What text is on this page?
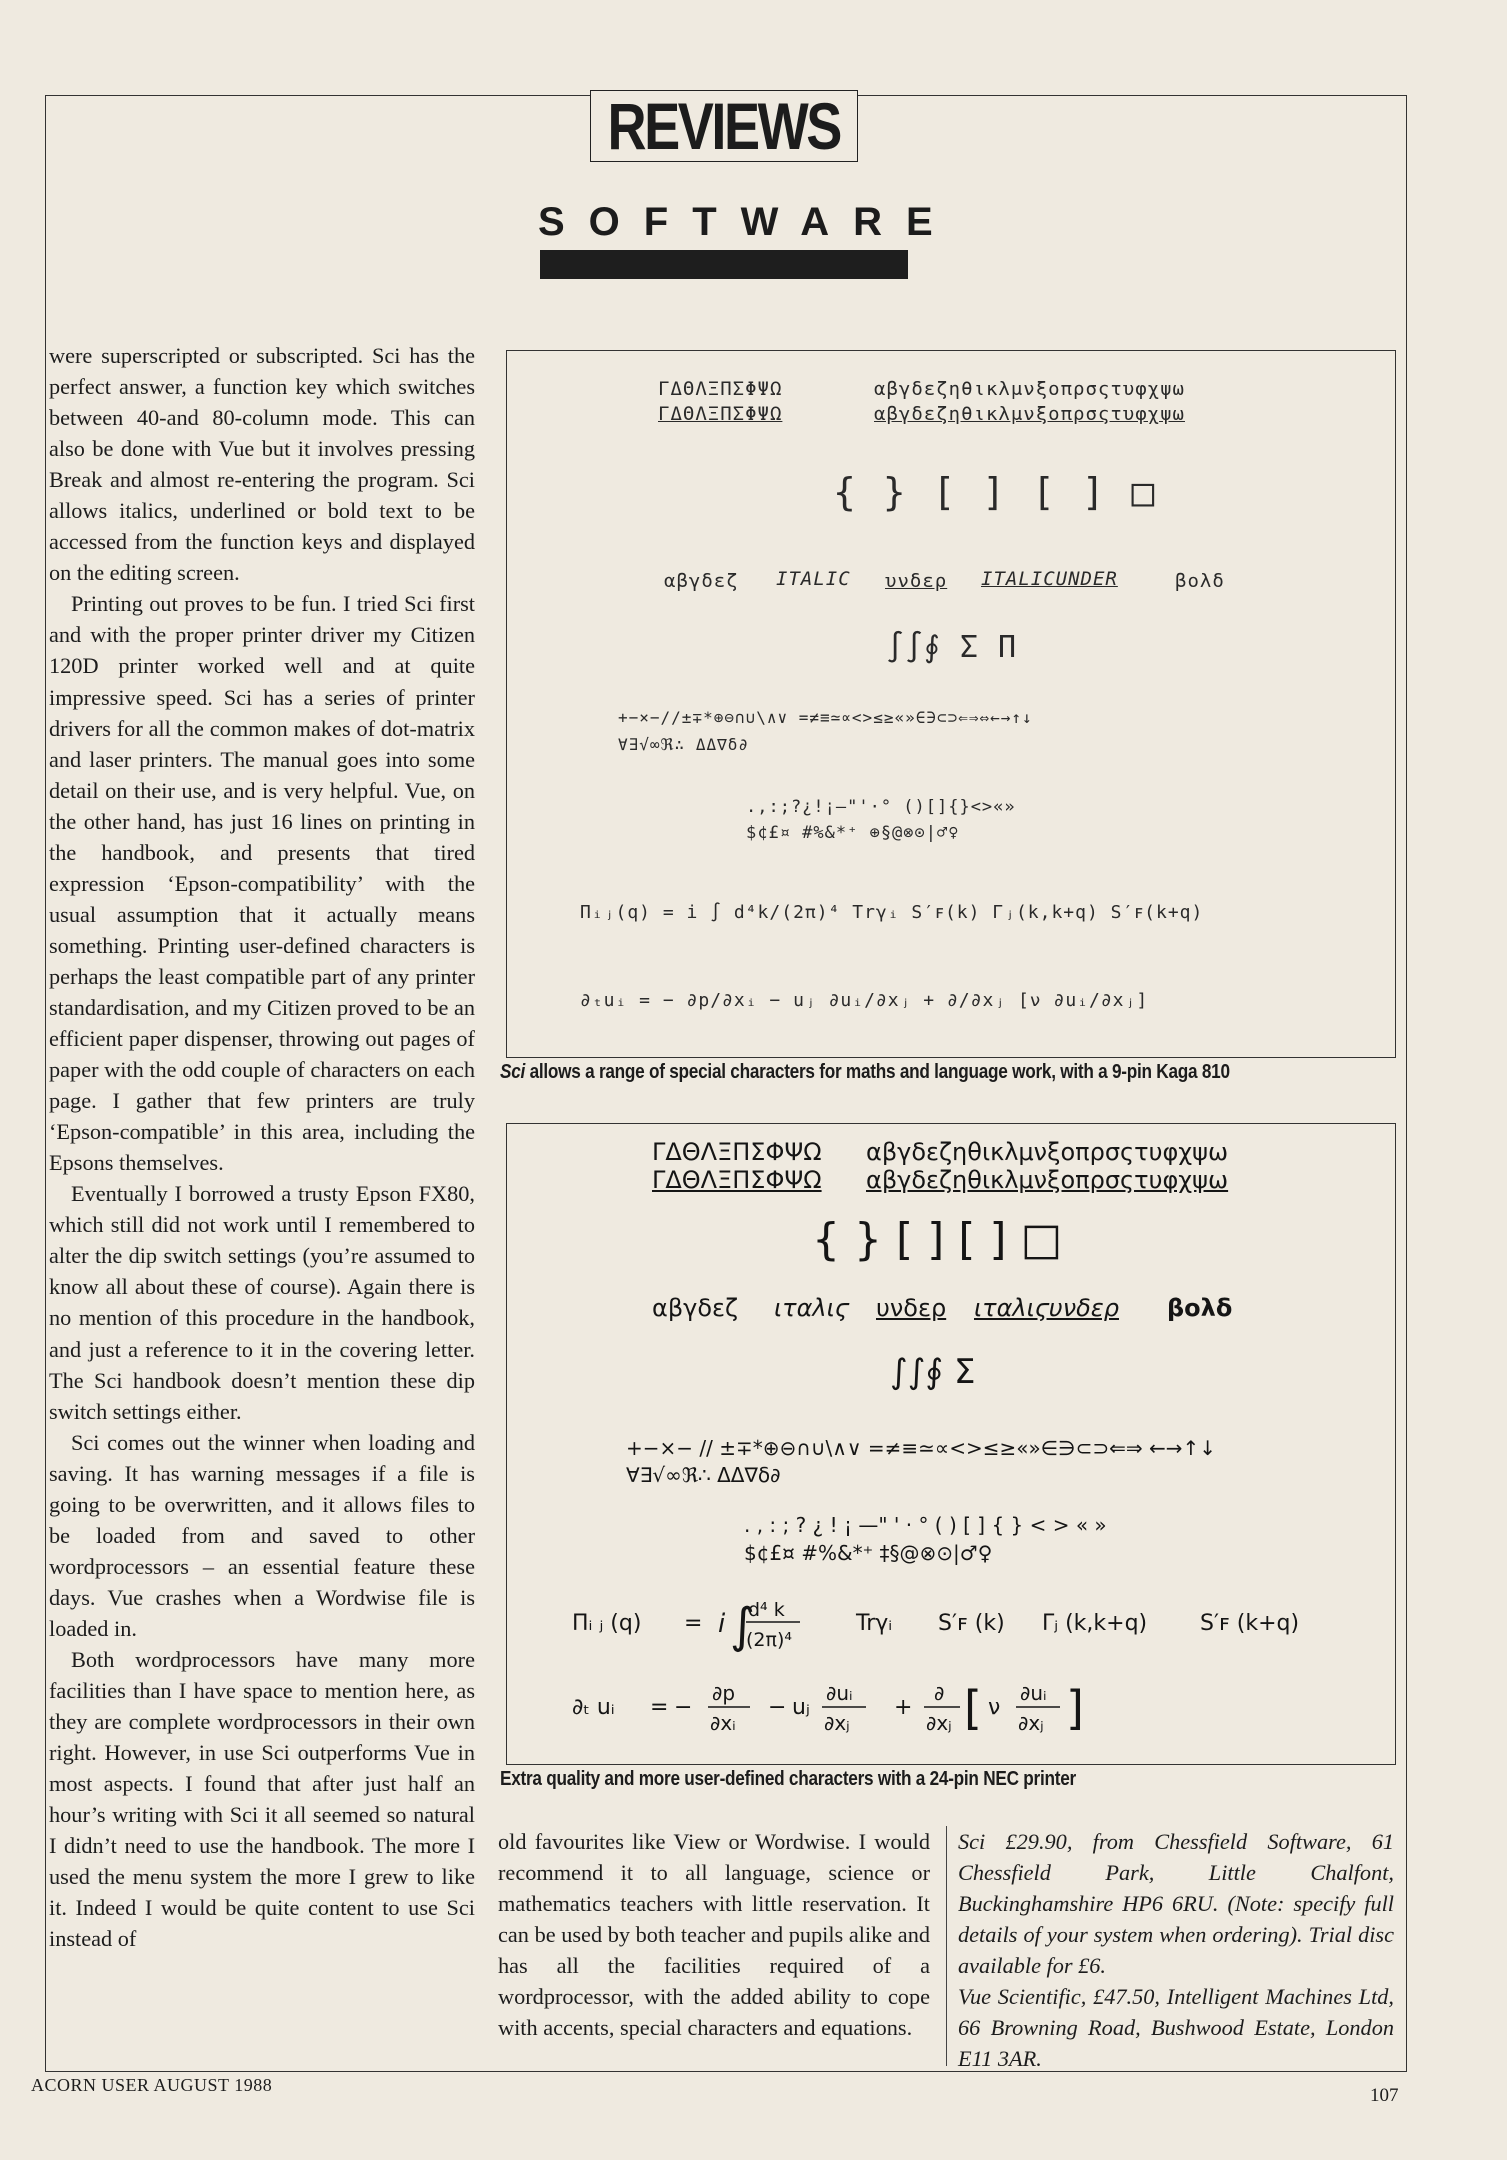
REVIEWS
SOFTWARE

were superscripted or subscripted. Sci has the perfect answer, a function key which switches between 40-and 80-column mode. This can also be done with Vue but it involves pressing Break and almost re-entering the program. Sci allows italics, underlined or bold text to be accessed from the function keys and displayed on the editing screen.

Printing out proves to be fun. I tried Sci first and with the proper printer driver my Citizen 120D printer worked well and at quite impressive speed. Sci has a series of printer drivers for all the common makes of dot-matrix and laser printers. The manual goes into some detail on their use, and is very helpful. Vue, on the other hand, has just 16 lines on printing in the handbook, and presents that tired expression ‘Epson-compatibility’ with the usual assumption that it actually means something. Printing user-defined characters is perhaps the least compatible part of any printer standardisation, and my Citizen proved to be an efficient paper dispenser, throwing out pages of paper with the odd couple of characters on each page. I gather that few printers are truly ‘Epson-compatible’ in this area, including the Epsons themselves.

Eventually I borrowed a trusty Epson FX80, which still did not work until I remembered to alter the dip switch settings (you’re assumed to know all about these of course). Again there is no mention of this procedure in the handbook, and just a reference to it in the covering letter. The Sci handbook doesn’t mention these dip switch settings either.

Sci comes out the winner when loading and saving. It has warning messages if a file is going to be overwritten, and it allows files to be loaded from and saved to other wordprocessors – an essential feature these days. Vue crashes when a Wordwise file is loaded in.

Both wordprocessors have many more facilities than I have space to mention here, as they are complete wordprocessors in their own right. However, in use Sci outperforms Vue in most aspects. I found that after just half an hour’s writing with Sci it all seemed so natural I didn’t need to use the handbook. The more I used the menu system the more I grew to like it. Indeed I would be quite content to use Sci instead of

ΓΔΘΛΞΠΣΦΨΩ	αβγδεζηθικλμνξοπρσςτυφχψω
ΓΔΘΛΞΠΣΦΨΩ	αβγδεζηθικλμνξοπρσςτυφχψω
{ } [ ] [ ] □
αβγδεζ ITALIC υνδερ ITALICUNDER	βολδ
∫∫∮ Σ Π
+−×−//±∓*⊕⊖∩∪\∧∨ =≠≡≃∝<>≤≥«»∈∋⊂⊃⇐⇒⇔←→↑↓
∀∃√∞ℜ∴ ΔΔ∇δ∂
.,:;?¿!¡—"'·° ()[]{}<>«»
$¢£¤ #%&*⁺ ⊕§@⊗⊙|♂♀
Πᵢⱼ(q) = i ∫ d⁴k/(2π)⁴ Trγᵢ S′ꜰ(k) Γⱼ(k,k+q) S′ꜰ(k+q)
∂ₜuᵢ = − ∂p/∂xᵢ − uⱼ ∂uᵢ/∂xⱼ + ∂/∂xⱼ [ν ∂uᵢ/∂xⱼ]
Sci allows a range of special characters for maths and language work, with a 9-pin Kaga 810
ΓΔΘΛΞΠΣΦΨΩ αβγδεζηθικλμνξοπρσςτυφχψω
ΓΔΘΛΞΠΣΦΨΩ αβγδεζηθικλμνξοπρσςτυφχψω
{ } [ ] [ ] □
αβγδεζ ιταλιϛ υνδερ ιταλιϛυνδερ βολδ
∫∫∮ Σ
+−×− // ±∓*⊕⊖∩∪\∧∨ =≠≡≃∝<>≤≥«»∈∋⊂⊃⇐⇒ ←→↑↓
∀∃√∞ℜ∴ ΔΔ∇δ∂
. , : ; ? ¿ ! ¡ —" ' · ° ( ) [ ] { } < > « »
$¢£¤ #%&*⁺ ‡§@⊗⊙|♂♀
Πᵢ ⱼ (q) = i ∫
d⁴ k
(2π)⁴
Trγᵢ S′ꜰ (k) Γⱼ (k,k+q) S′ꜰ (k+q)
∂ₜ uᵢ = −
∂p
∂xᵢ
− uⱼ
∂uᵢ
∂xⱼ
+
∂
∂xⱼ [ ν
∂uᵢ
∂xⱼ ]
Extra quality and more user-defined characters with a 24-pin NEC printer

old favourites like View or Wordwise. I would recommend it to all language, science or mathematics teachers with little reservation. It can be used by both teacher and pupils alike and has all the facilities required of a wordprocessor, with the added ability to cope with accents, special characters and equations.

Sci £29.90, from Chessfield Software, 61 Chessfield Park, Little Chalfont, Buckinghamshire HP6 6RU. (Note: specify full details of your system when ordering). Trial disc available for £6.

Vue Scientific, £47.50, Intelligent Machines Ltd, 66 Browning Road, Bushwood Estate, London E11 3AR.

ACORN USER AUGUST 1988	107
